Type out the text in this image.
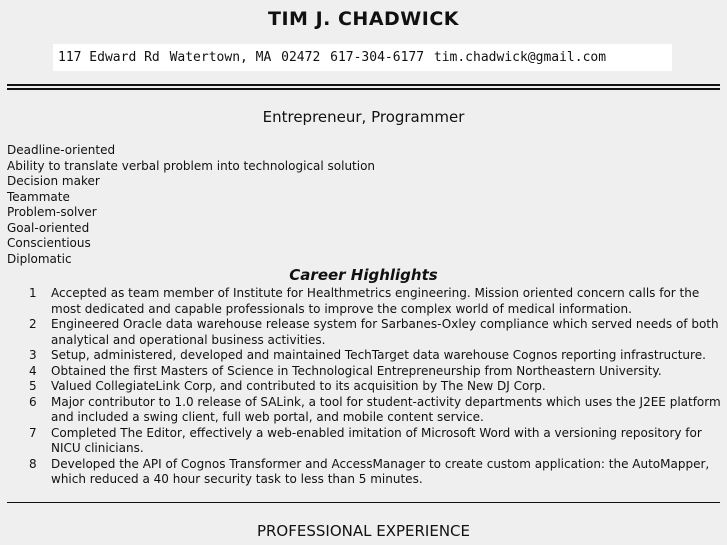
TIM J. CHADWICK
117 Edward Rd Watertown, MA 02472 617-304-6177 tim.chadwick@gmail.com
Entrepreneur, Programmer
Deadline-oriented
Ability to translate verbal problem into technological solution
Decision maker
Teammate
Problem-solver
Goal-oriented
Conscientious
Diplomatic
Career Highlights
1 Accepted as team member of Institute for Healthmetrics engineering. Mission oriented concern calls for the most dedicated and capable professionals to improve the complex world of medical information.
2 Engineered Oracle data warehouse release system for Sarbanes-Oxley compliance which served needs of both analytical and operational business activities.
3 Setup, administered, developed and maintained TechTarget data warehouse Cognos reporting infrastructure.
4 Obtained the first Masters of Science in Technological Entrepreneurship from Northeastern University.
5 Valued CollegiateLink Corp, and contributed to its acquisition by The New DJ Corp.
6 Major contributor to 1.0 release of SALink, a tool for student-activity departments which uses the J2EE platform and included a swing client, full web portal, and mobile content service.
7 Completed The Editor, effectively a web-enabled imitation of Microsoft Word with a versioning repository for NICU clinicians.
8 Developed the API of Cognos Transformer and AccessManager to create custom application: the AutoMapper, which reduced a 40 hour security task to less than 5 minutes.
PROFESSIONAL EXPERIENCE
